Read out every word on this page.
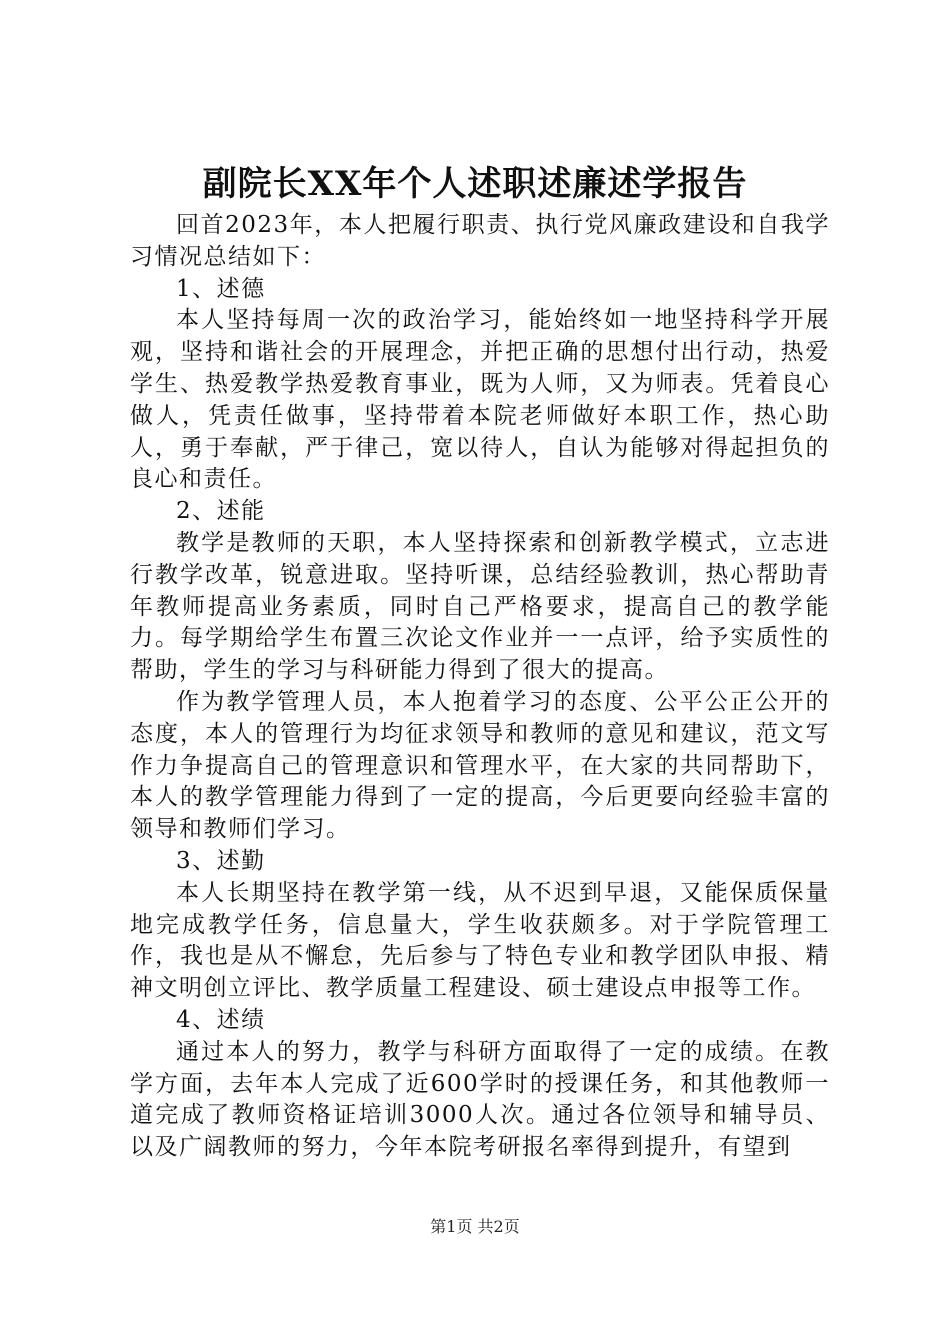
副院长XX年个人述职述廉述学报告

回首2023年，本人把履行职责、执行党风廉政建设和自我学习情况总结如下：

1、述德

本人坚持每周一次的政治学习，能始终如一地坚持科学开展观，坚持和谐社会的开展理念，并把正确的思想付出行动，热爱学生、热爱教学热爱教育事业，既为人师，又为师表。凭着良心做人，凭责任做事，坚持带着本院老师做好本职工作，热心助人，勇于奉献，严于律己，宽以待人，自认为能够对得起担负的良心和责任。

2、述能

教学是教师的天职，本人坚持探索和创新教学模式，立志进行教学改革，锐意进取。坚持听课，总结经验教训，热心帮助青年教师提高业务素质，同时自己严格要求，提高自己的教学能力。每学期给学生布置三次论文作业并一一点评，给予实质性的帮助，学生的学习与科研能力得到了很大的提高。

作为教学管理人员，本人抱着学习的态度、公平公正公开的态度，本人的管理行为均征求领导和教师的意见和建议，范文写作力争提高自己的管理意识和管理水平，在大家的共同帮助下，本人的教学管理能力得到了一定的提高，今后更要向经验丰富的领导和教师们学习。

3、述勤

本人长期坚持在教学第一线，从不迟到早退，又能保质保量地完成教学任务，信息量大，学生收获颇多。对于学院管理工作，我也是从不懈怠，先后参与了特色专业和教学团队申报、精神文明创立评比、教学质量工程建设、硕士建设点申报等工作。

4、述绩

通过本人的努力，教学与科研方面取得了一定的成绩。在教学方面，去年本人完成了近600学时的授课任务，和其他教师一道完成了教师资格证培训3000人次。通过各位领导和辅导员、以及广阔教师的努力，今年本院考研报名率得到提升，有望到

第1页 共2页
